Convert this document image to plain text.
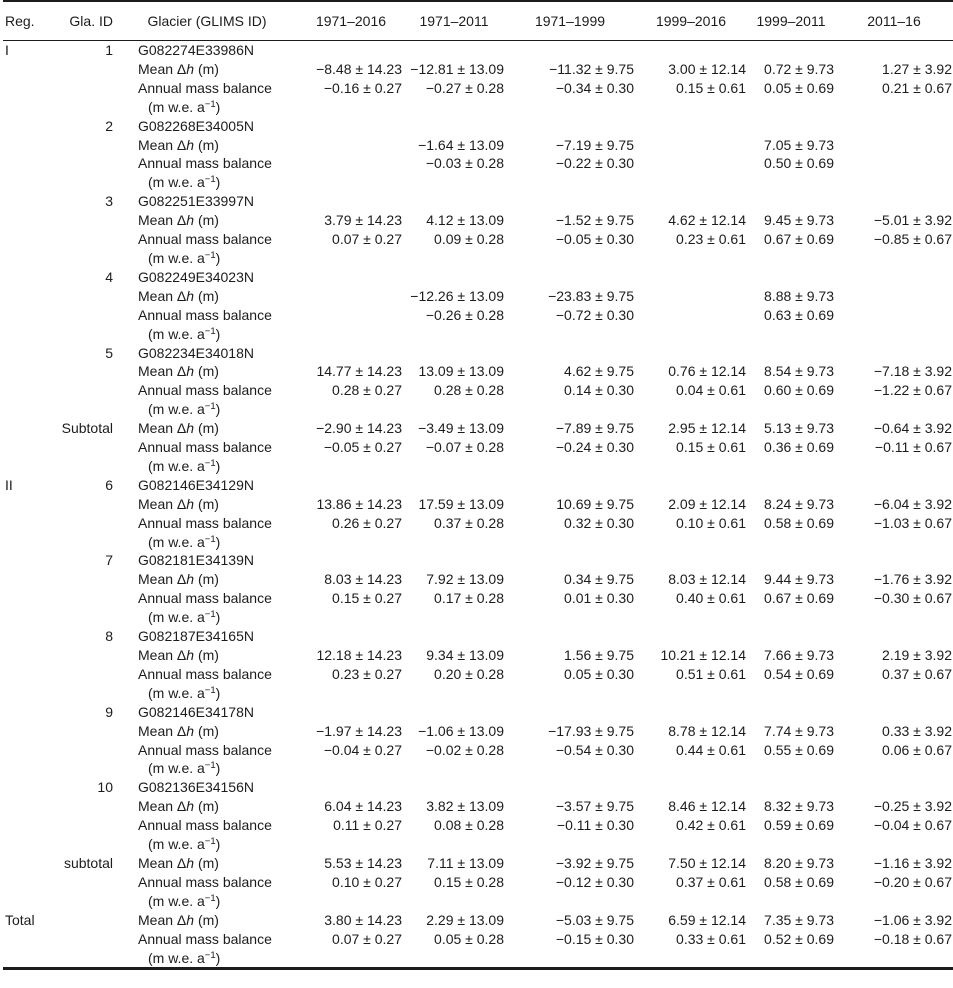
Reg.	Gla. ID	Glacier (GLIMS ID)	1971–2016	1971–2011	1971–1999	1999–2016	1999–2011	2011–16
I	1	G082274E33986N						
		Mean Δh (m)	−8.48 ± 14.23	−12.81 ± 13.09	−11.32 ± 9.75	3.00 ± 12.14	0.72 ± 9.73	1.27 ± 3.92
		Annual mass balance	−0.16 ± 0.27	−0.27 ± 0.28	−0.34 ± 0.30	0.15 ± 0.61	0.05 ± 0.69	0.21 ± 0.67
		(m w.e. $a^{-1}$)						
	2	G082268E34005N						
		Mean Δh (m)		−1.64 ± 13.09	−7.19 ± 9.75		7.05 ± 9.73	
		Annual mass balance		−0.03 ± 0.28	−0.22 ± 0.30		0.50 ± 0.69	
		(m w.e. $a^{-1}$)						
	3	G082251E33997N						
		Mean Δh (m)	3.79 ± 14.23	4.12 ± 13.09	−1.52 ± 9.75	4.62 ± 12.14	9.45 ± 9.73	−5.01 ± 3.92
		Annual mass balance	0.07 ± 0.27	0.09 ± 0.28	−0.05 ± 0.30	0.23 ± 0.61	0.67 ± 0.69	−0.85 ± 0.67
		(m w.e. $a^{-1}$)						
	4	G082249E34023N						
		Mean Δh (m)		−12.26 ± 13.09	−23.83 ± 9.75		8.88 ± 9.73	
		Annual mass balance		−0.26 ± 0.28	−0.72 ± 0.30		0.63 ± 0.69	
		(m w.e. $a^{-1}$)						
	5	G082234E34018N						
		Mean Δh (m)	14.77 ± 14.23	13.09 ± 13.09	4.62 ± 9.75	0.76 ± 12.14	8.54 ± 9.73	−7.18 ± 3.92
		Annual mass balance	0.28 ± 0.27	0.28 ± 0.28	0.14 ± 0.30	0.04 ± 0.61	0.60 ± 0.69	−1.22 ± 0.67
		(m w.e. $a^{-1}$)						
	Subtotal	Mean Δh (m)	−2.90 ± 14.23	−3.49 ± 13.09	−7.89 ± 9.75	2.95 ± 12.14	5.13 ± 9.73	−0.64 ± 3.92
		Annual mass balance	−0.05 ± 0.27	−0.07 ± 0.28	−0.24 ± 0.30	0.15 ± 0.61	0.36 ± 0.69	−0.11 ± 0.67
		(m w.e. $a^{-1}$)						
II	6	G082146E34129N						
		Mean Δh (m)	13.86 ± 14.23	17.59 ± 13.09	10.69 ± 9.75	2.09 ± 12.14	8.24 ± 9.73	−6.04 ± 3.92
		Annual mass balance	0.26 ± 0.27	0.37 ± 0.28	0.32 ± 0.30	0.10 ± 0.61	0.58 ± 0.69	−1.03 ± 0.67
		(m w.e. $a^{-1}$)						
	7	G082181E34139N						
		Mean Δh (m)	8.03 ± 14.23	7.92 ± 13.09	0.34 ± 9.75	8.03 ± 12.14	9.44 ± 9.73	−1.76 ± 3.92
		Annual mass balance	0.15 ± 0.27	0.17 ± 0.28	0.01 ± 0.30	0.40 ± 0.61	0.67 ± 0.69	−0.30 ± 0.67
		(m w.e. $a^{-1}$)						
	8	G082187E34165N						
		Mean Δh (m)	12.18 ± 14.23	9.34 ± 13.09	1.56 ± 9.75	10.21 ± 12.14	7.66 ± 9.73	2.19 ± 3.92
		Annual mass balance	0.23 ± 0.27	0.20 ± 0.28	0.05 ± 0.30	0.51 ± 0.61	0.54 ± 0.69	0.37 ± 0.67
		(m w.e. $a^{-1}$)						
	9	G082146E34178N						
		Mean Δh (m)	−1.97 ± 14.23	−1.06 ± 13.09	−17.93 ± 9.75	8.78 ± 12.14	7.74 ± 9.73	0.33 ± 3.92
		Annual mass balance	−0.04 ± 0.27	−0.02 ± 0.28	−0.54 ± 0.30	0.44 ± 0.61	0.55 ± 0.69	0.06 ± 0.67
		(m w.e. $a^{-1}$)						
	10	G082136E34156N						
		Mean Δh (m)	6.04 ± 14.23	3.82 ± 13.09	−3.57 ± 9.75	8.46 ± 12.14	8.32 ± 9.73	−0.25 ± 3.92
		Annual mass balance	0.11 ± 0.27	0.08 ± 0.28	−0.11 ± 0.30	0.42 ± 0.61	0.59 ± 0.69	−0.04 ± 0.67
		(m w.e. $a^{-1}$)						
	subtotal	Mean Δh (m)	5.53 ± 14.23	7.11 ± 13.09	−3.92 ± 9.75	7.50 ± 12.14	8.20 ± 9.73	−1.16 ± 3.92
		Annual mass balance	0.10 ± 0.27	0.15 ± 0.28	−0.12 ± 0.30	0.37 ± 0.61	0.58 ± 0.69	−0.20 ± 0.67
		(m w.e. $a^{-1}$)						
Total		Mean Δh (m)	3.80 ± 14.23	2.29 ± 13.09	−5.03 ± 9.75	6.59 ± 12.14	7.35 ± 9.73	−1.06 ± 3.92
		Annual mass balance	0.07 ± 0.27	0.05 ± 0.28	−0.15 ± 0.30	0.33 ± 0.61	0.52 ± 0.69	−0.18 ± 0.67
		(m w.e. $a^{-1}$)						
